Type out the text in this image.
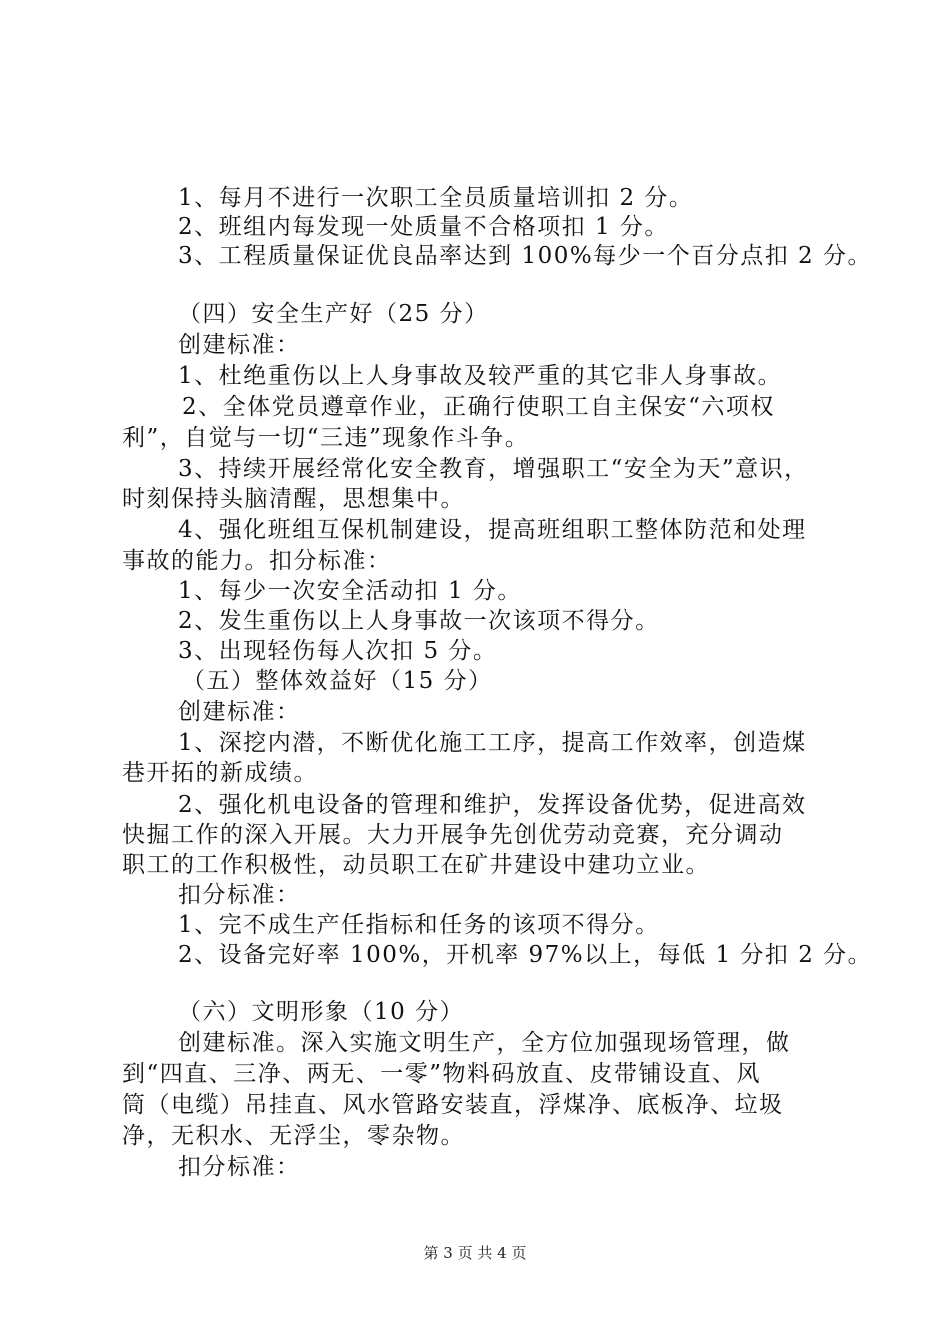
1、每月不进行一次职工全员质量培训扣 2 分。
2、班组内每发现一处质量不合格项扣 1 分。
3、工程质量保证优良品率达到 100%每少一个百分点扣 2 分。
（四）安全生产好（25 分）
创建标准：
1、杜绝重伤以上人身事故及较严重的其它非人身事故。
2、全体党员遵章作业，正确行使职工自主保安“六项权
利”，自觉与一切“三违”现象作斗争。
3、持续开展经常化安全教育，增强职工“安全为天”意识，
时刻保持头脑清醒，思想集中。
4、强化班组互保机制建设，提高班组职工整体防范和处理
事故的能力。扣分标准：
1、每少一次安全活动扣 1 分。
2、发生重伤以上人身事故一次该项不得分。
3、出现轻伤每人次扣 5 分。
（五）整体效益好（15 分）
创建标准：
1、深挖内潜，不断优化施工工序，提高工作效率，创造煤
巷开拓的新成绩。
2、强化机电设备的管理和维护，发挥设备优势，促进高效
快掘工作的深入开展。大力开展争先创优劳动竞赛，充分调动
职工的工作积极性，动员职工在矿井建设中建功立业。
扣分标准：
1、完不成生产任指标和任务的该项不得分。
2、设备完好率 100%，开机率 97%以上，每低 1 分扣 2 分。
（六）文明形象（10 分）
创建标准。深入实施文明生产，全方位加强现场管理，做
到“四直、三净、两无、一零”物料码放直、皮带铺设直、风
筒（电缆）吊挂直、风水管路安装直，浮煤净、底板净、垃圾
净，无积水、无浮尘，零杂物。
扣分标准：
第 3 页 共 4 页
